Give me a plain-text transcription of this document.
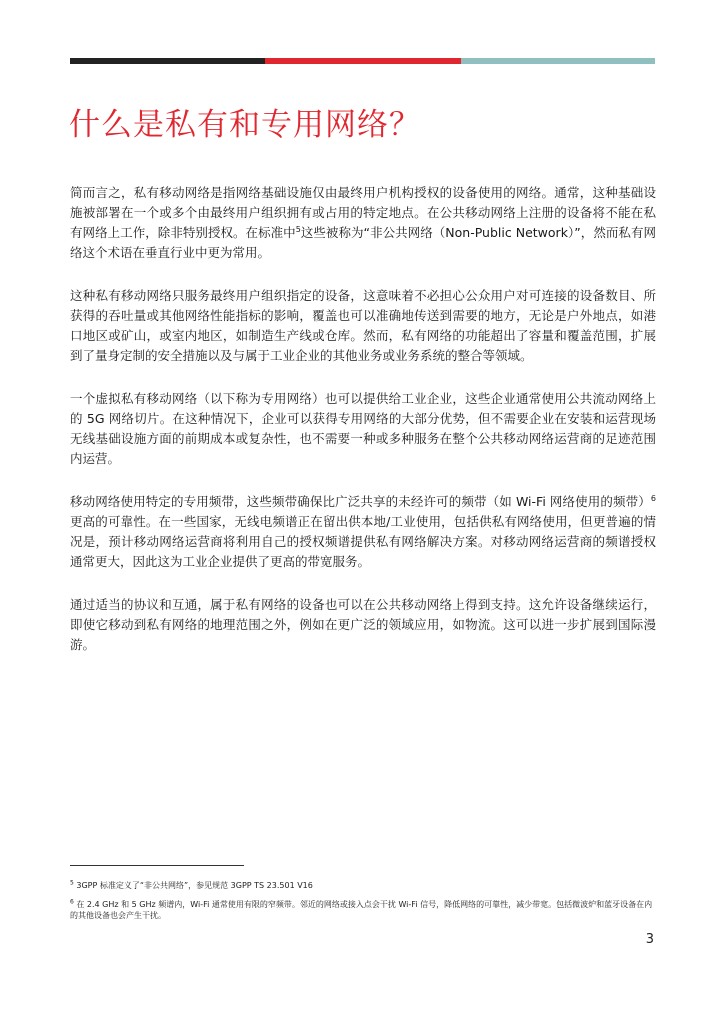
什么是私有和专用网络？

简而言之，私有移动网络是指网络基础设施仅由最终用户机构授权的设备使用的网络。通常，这种基础设施被部署在一个或多个由最终用户组织拥有或占用的特定地点。在公共移动网络上注册的设备将不能在私有网络上工作，除非特别授权。在标准中$^5$这些被称为“非公共网络（Non-Public Network）”，然而私有网络这个术语在垂直行业中更为常用。

这种私有移动网络只服务最终用户组织指定的设备，这意味着不必担心公众用户对可连接的设备数目、所获得的吞吐量或其他网络性能指标的影响，覆盖也可以准确地传送到需要的地方，无论是户外地点，如港口地区或矿山，或室内地区，如制造生产线或仓库。然而，私有网络的功能超出了容量和覆盖范围，扩展到了量身定制的安全措施以及与属于工业企业的其他业务或业务系统的整合等领域。

一个虚拟私有移动网络（以下称为专用网络）也可以提供给工业企业，这些企业通常使用公共流动网络上的 5G 网络切片。在这种情况下，企业可以获得专用网络的大部分优势，但不需要企业在安装和运营现场无线基础设施方面的前期成本或复杂性，也不需要一种或多种服务在整个公共移动网络运营商的足迹范围内运营。

移动网络使用特定的专用频带，这些频带确保比广泛共享的未经许可的频带（如 Wi-Fi 网络使用的频带）$^6$更高的可靠性。在一些国家，无线电频谱正在留出供本地/工业使用，包括供私有网络使用，但更普遍的情况是，预计移动网络运营商将利用自己的授权频谱提供私有网络解决方案。对移动网络运营商的频谱授权通常更大，因此这为工业企业提供了更高的带宽服务。

通过适当的协议和互通，属于私有网络的设备也可以在公共移动网络上得到支持。这允许设备继续运行，即使它移动到私有网络的地理范围之外，例如在更广泛的领域应用，如物流。这可以进一步扩展到国际漫游。

$^5$ 3GPP 标准定义了“非公共网络”，参见规范 3GPP TS 23.501 V16

$^6$ 在 2.4 GHz 和 5 GHz 频谱内，Wi-Fi 通常使用有限的窄频带。邻近的网络或接入点会干扰 Wi-Fi 信号，降低网络的可靠性，减少带宽。包括微波炉和蓝牙设备在内的其他设备也会产生干扰。

3
